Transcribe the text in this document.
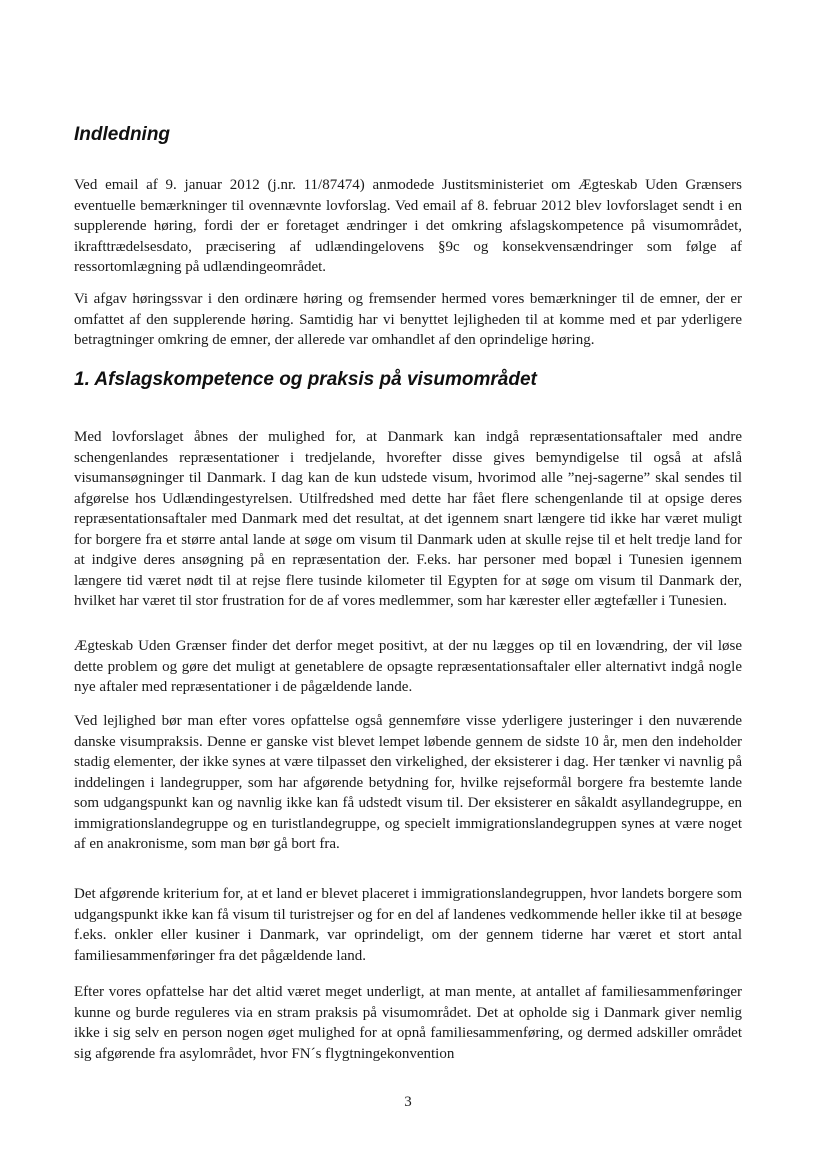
Indledning

Ved email af 9. januar 2012 (j.nr. 11/87474) anmodede Justitsministeriet om Ægteskab Uden Grænsers eventuelle bemærkninger til ovennævnte lovforslag. Ved email af 8. februar 2012 blev lovforslaget sendt i en supplerende høring, fordi der er foretaget ændringer i det omkring afslagskompetence på visumområdet, ikrafttrædelsesdato, præcisering af udlændingelovens §9c og konsekvensændringer som følge af ressortomlægning på udlændingeområdet.

Vi afgav høringssvar i den ordinære høring og fremsender hermed vores bemærkninger til de emner, der er omfattet af den supplerende høring. Samtidig har vi benyttet lejligheden til at komme med et par yderligere betragtninger omkring de emner, der allerede var omhandlet af den oprindelige høring.

1. Afslagskompetence og praksis på visumområdet

Med lovforslaget åbnes der mulighed for, at Danmark kan indgå repræsentationsaftaler med andre schengenlandes repræsentationer i tredjelande, hvorefter disse gives bemyndigelse til også at afslå visumansøgninger til Danmark. I dag kan de kun udstede visum, hvorimod alle ”nej-sagerne” skal sendes til afgørelse hos Udlændingestyrelsen. Utilfredshed med dette har fået flere schengenlande til at opsige deres repræsentationsaftaler med Danmark med det resultat, at det igennem snart længere tid ikke har været muligt for borgere fra et større antal lande at søge om visum til Danmark uden at skulle rejse til et helt tredje land for at indgive deres ansøgning på en repræsentation der. F.eks. har personer med bopæl i Tunesien igennem længere tid været nødt til at rejse flere tusinde kilometer til Egypten for at søge om visum til Danmark der, hvilket har været til stor frustration for de af vores medlemmer, som har kærester eller ægtefæller i Tunesien.

Ægteskab Uden Grænser finder det derfor meget positivt, at der nu lægges op til en lovændring, der vil løse dette problem og gøre det muligt at genetablere de opsagte repræsentationsaftaler eller alternativt indgå nogle nye aftaler med repræsentationer i de pågældende lande.

Ved lejlighed bør man efter vores opfattelse også gennemføre visse yderligere justeringer i den nuværende danske visumpraksis. Denne er ganske vist blevet lempet løbende gennem de sidste 10 år, men den indeholder stadig elementer, der ikke synes at være tilpasset den virkelighed, der eksisterer i dag. Her tænker vi navnlig på inddelingen i landegrupper, som har afgørende betydning for, hvilke rejseformål borgere fra bestemte lande som udgangspunkt kan og navnlig ikke kan få udstedt visum til. Der eksisterer en såkaldt asyllandegruppe, en immigrationslandegruppe og en turistlandegruppe, og specielt immigrationslandegruppen synes at være noget af en anakronisme, som man bør gå bort fra.

Det afgørende kriterium for, at et land er blevet placeret i immigrationslandegruppen, hvor landets borgere som udgangspunkt ikke kan få visum til turistrejser og for en del af landenes vedkommende heller ikke til at besøge f.eks. onkler eller kusiner i Danmark, var oprindeligt, om der gennem tiderne har været et stort antal familiesammenføringer fra det pågældende land.

Efter vores opfattelse har det altid været meget underligt, at man mente, at antallet af familiesammenføringer kunne og burde reguleres via en stram praksis på visumområdet. Det at opholde sig i Danmark giver nemlig ikke i sig selv en person nogen øget mulighed for at opnå familiesammenføring, og dermed adskiller området sig afgørende fra asylområdet, hvor FN´s flygtningekonvention

3
